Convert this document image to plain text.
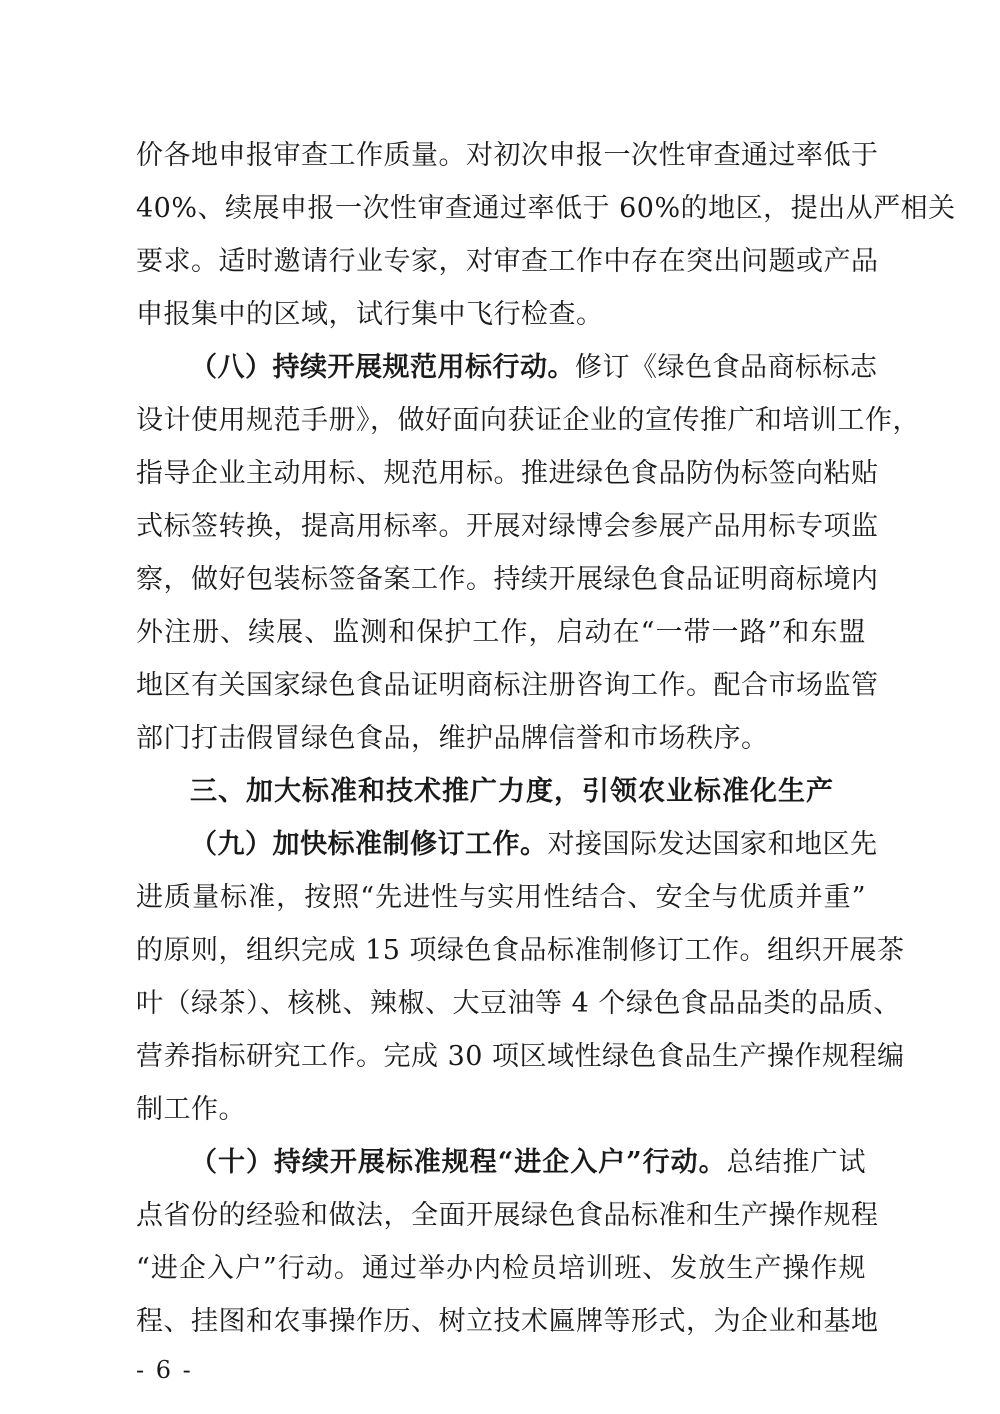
价各地申报审查工作质量。对初次申报一次性审查通过率低于
40%、续展申报一次性审查通过率低于 60%的地区，提出从严相关
要求。适时邀请行业专家，对审查工作中存在突出问题或产品
申报集中的区域，试行集中飞行检查。
（八）持续开展规范用标行动。修订《绿色食品商标标志
设计使用规范手册》，做好面向获证企业的宣传推广和培训工作，
指导企业主动用标、规范用标。推进绿色食品防伪标签向粘贴
式标签转换，提高用标率。开展对绿博会参展产品用标专项监
察，做好包装标签备案工作。持续开展绿色食品证明商标境内
外注册、续展、监测和保护工作，启动在“一带一路”和东盟
地区有关国家绿色食品证明商标注册咨询工作。配合市场监管
部门打击假冒绿色食品，维护品牌信誉和市场秩序。
三、加大标准和技术推广力度，引领农业标准化生产
（九）加快标准制修订工作。对接国际发达国家和地区先
进质量标准，按照“先进性与实用性结合、安全与优质并重”
的原则，组织完成 15 项绿色食品标准制修订工作。组织开展茶
叶（绿茶）、核桃、辣椒、大豆油等 4 个绿色食品品类的品质、
营养指标研究工作。完成 30 项区域性绿色食品生产操作规程编
制工作。
（十）持续开展标准规程“进企入户”行动。总结推广试
点省份的经验和做法，全面开展绿色食品标准和生产操作规程
“进企入户”行动。通过举办内检员培训班、发放生产操作规
程、挂图和农事操作历、树立技术匾牌等形式，为企业和基地
- 6 -
